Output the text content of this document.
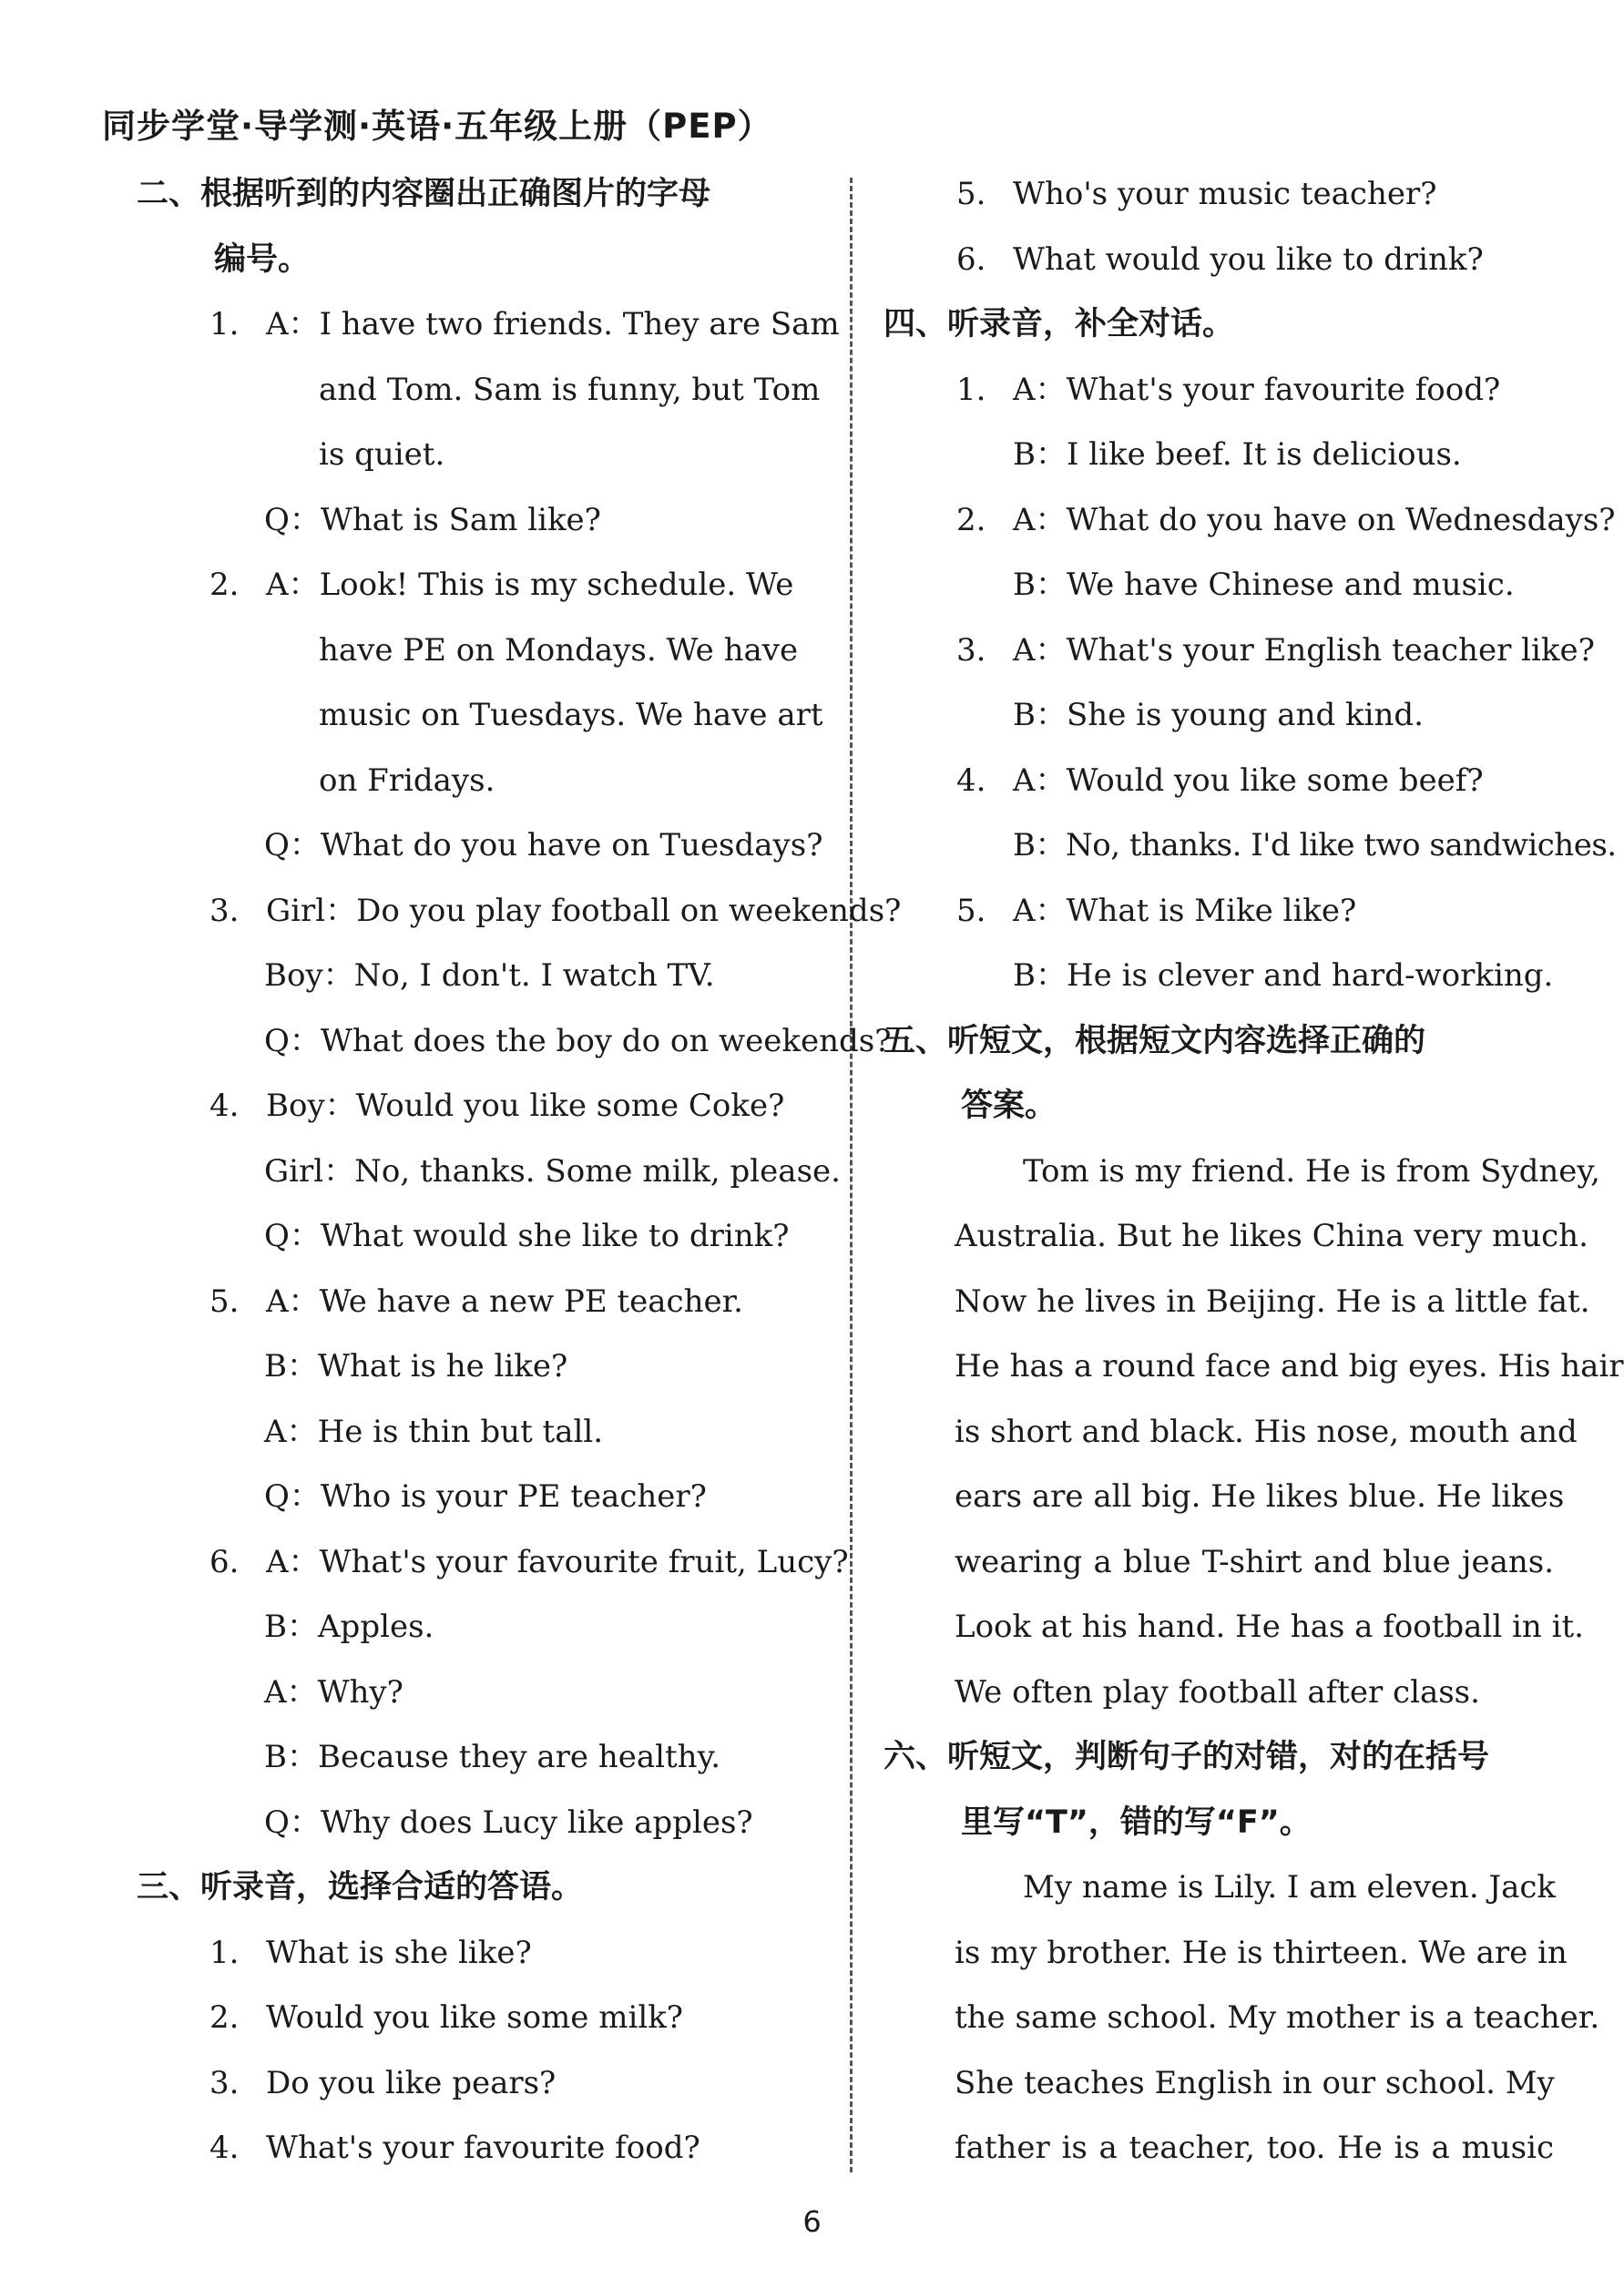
同步学堂·导学测·英语·五年级上册（PEP）
二、根据听到的内容圈出正确图片的字母
编号。
1. A：I have two friends. They are Sam
and Tom. Sam is funny, but Tom
is quiet.
Q：What is Sam like?
2. A：Look! This is my schedule. We
have PE on Mondays. We have
music on Tuesdays. We have art
on Fridays.
Q：What do you have on Tuesdays?
3. Girl：Do you play football on weekends?
Boy：No, I don't. I watch TV.
Q：What does the boy do on weekends?
4. Boy：Would you like some Coke?
Girl：No, thanks. Some milk, please.
Q：What would she like to drink?
5. A：We have a new PE teacher.
B：What is he like?
A：He is thin but tall.
Q：Who is your PE teacher?
6. A：What's your favourite fruit, Lucy?
B：Apples.
A：Why?
B：Because they are healthy.
Q：Why does Lucy like apples?
三、听录音，选择合适的答语。
1. What is she like?
2. Would you like some milk?
3. Do you like pears?
4. What's your favourite food?
5. Who's your music teacher?
6. What would you like to drink?
四、听录音，补全对话。
1. A：What's your favourite food?
B：I like beef. It is delicious.
2. A：What do you have on Wednesdays?
B：We have Chinese and music.
3. A：What's your English teacher like?
B：She is young and kind.
4. A：Would you like some beef?
B：No, thanks. I'd like two sandwiches.
5. A：What is Mike like?
B：He is clever and hard-working.
五、听短文，根据短文内容选择正确的
答案。
Tom is my friend. He is from Sydney,
Australia. But he likes China very much.
Now he lives in Beijing. He is a little fat.
He has a round face and big eyes. His hair
is short and black. His nose, mouth and
ears are all big. He likes blue. He likes
wearing a blue T-shirt and blue jeans.
Look at his hand. He has a football in it.
We often play football after class.
六、听短文，判断句子的对错，对的在括号
里写“T”，错的写“F”。
My name is Lily. I am eleven. Jack
is my brother. He is thirteen. We are in
the same school. My mother is a teacher.
She teaches English in our school. My
father is a teacher, too. He is a music
6
